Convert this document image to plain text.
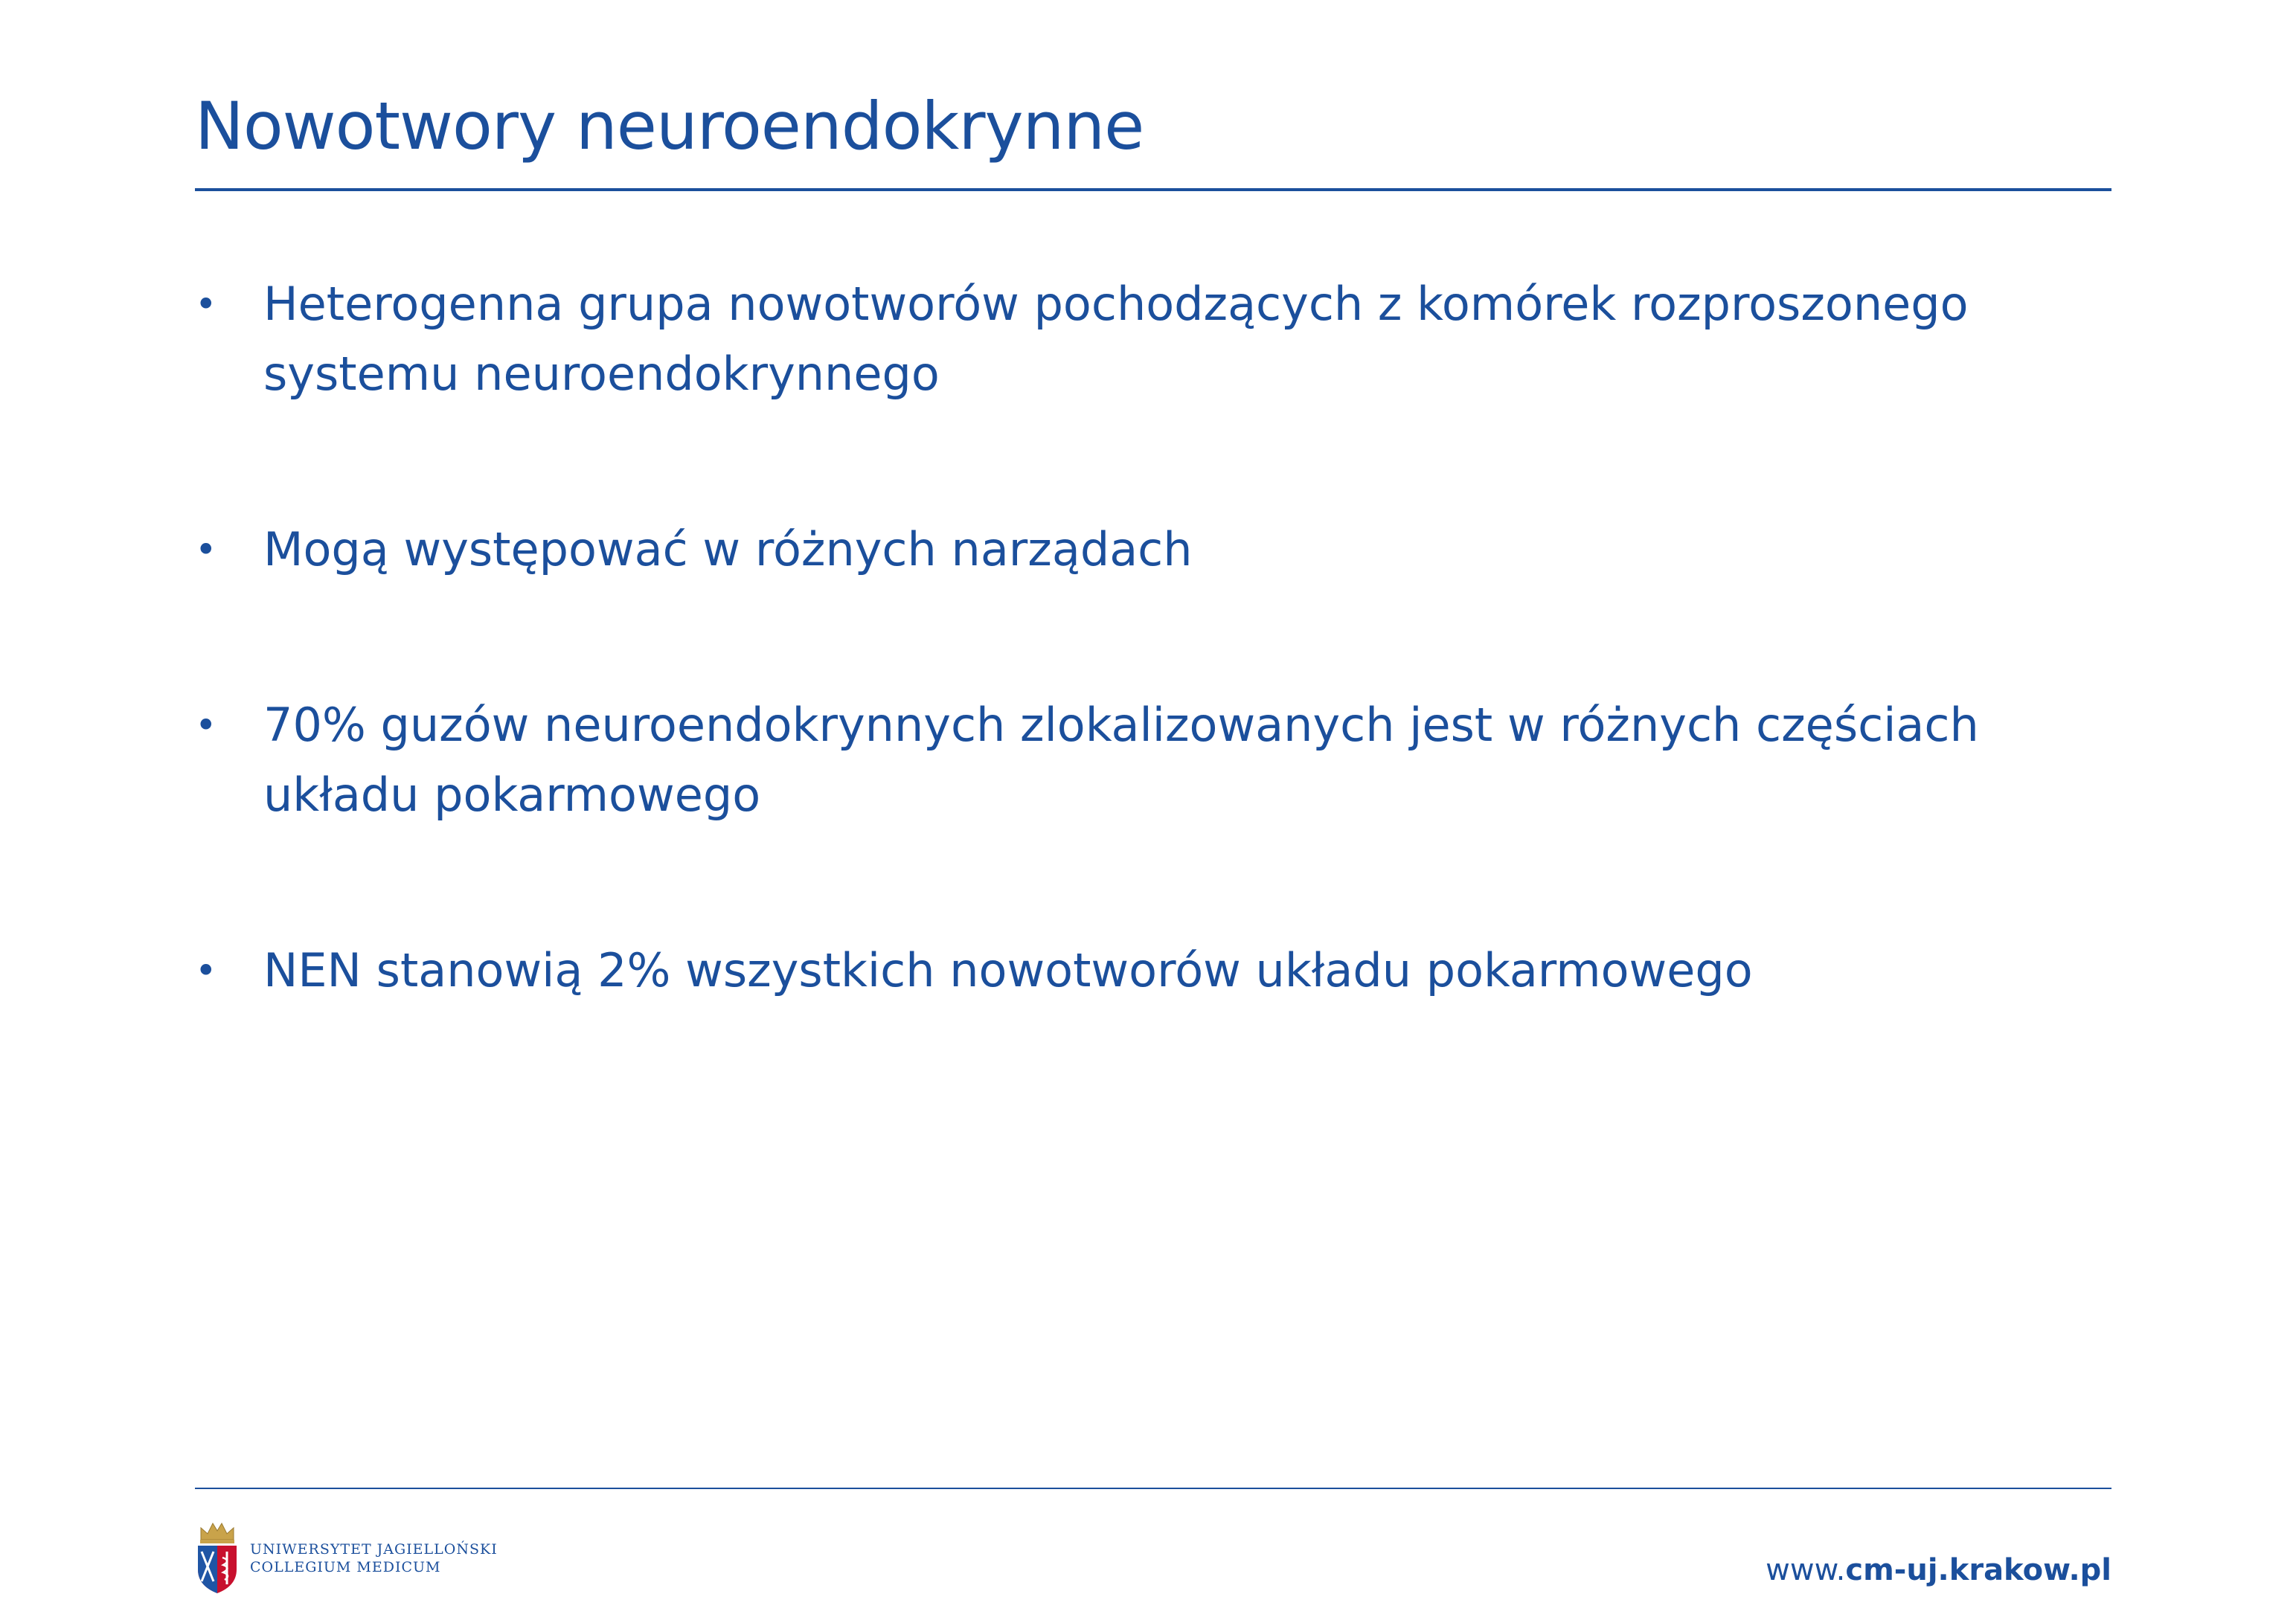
Nowotwory neuroendokrynne
• Heterogenna grupa nowotworów pochodzących z komórek rozproszonego systemu neuroendokrynnego
• Mogą występować w różnych narządach
• 70% guzów neuroendokrynnych zlokalizowanych jest w różnych częściach układu pokarmowego
• NEN stanowią 2% wszystkich nowotworów układu pokarmowego
UNIWERSYTET JAGIELLOŃSKI
COLLEGIUM MEDICUM	www.cm-uj.krakow.pl
